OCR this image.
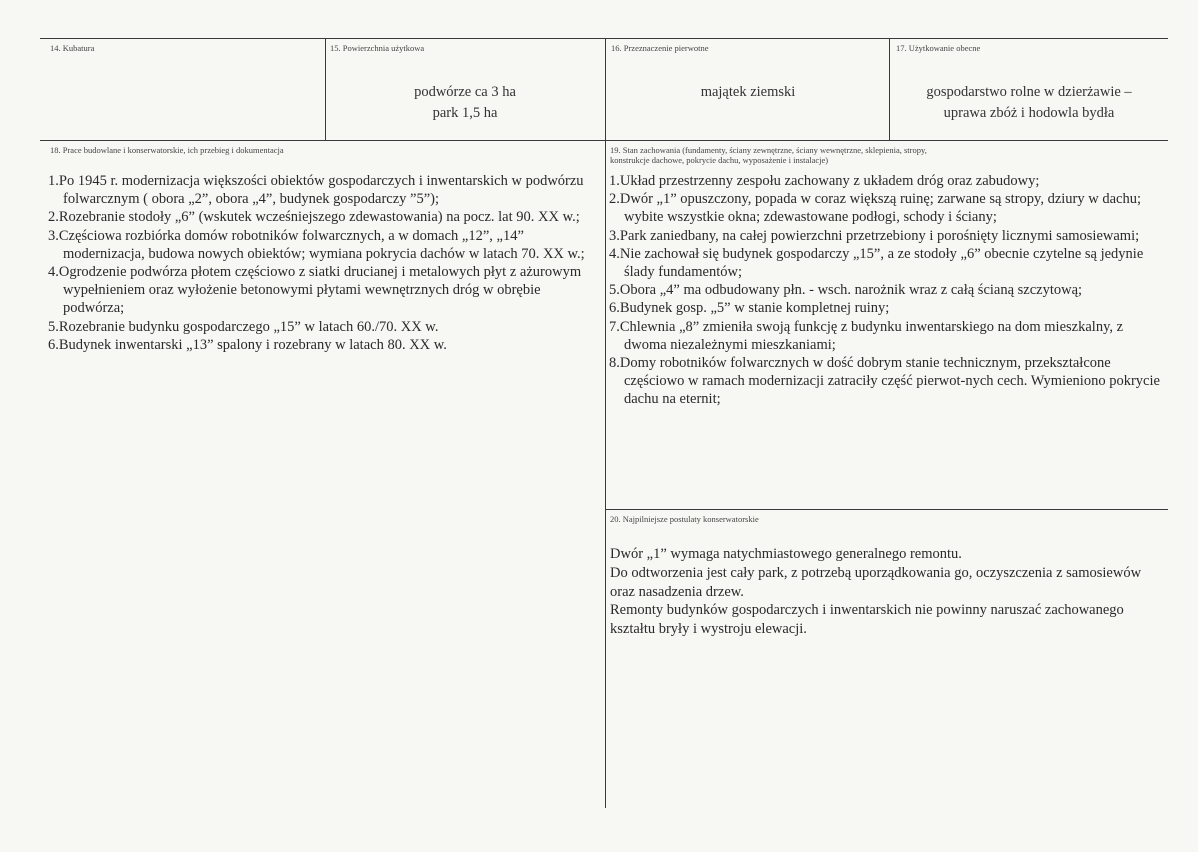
14. Kubatura	15. Powierzchnia użytkowa
podwórze ca 3 ha
park 1,5 ha
16. Przeznaczenie pierwotne
majątek ziemski
17. Użytkowanie obecne
gospodarstwo rolne w dzierżawie –
uprawa zbóż i hodowla bydła
18. Prace budowlane i konserwatorskie, ich przebieg i dokumentacja
1.Po 1945 r. modernizacja większości obiektów gospodarczych i inwentarskich w podwórzu folwarcznym ( obora „2”, obora „4”, budynek gospodarczy ”5”);
2.Rozebranie stodoły „6” (wskutek wcześniejszego zdewastowania) na pocz. lat 90. XX w.;
3.Częściowa rozbiórka domów robotników folwarcznych, a w domach „12”, „14” modernizacja, budowa nowych obiektów; wymiana pokrycia dachów w latach 70. XX w.;
4.Ogrodzenie podwórza płotem częściowo z siatki drucianej i metalowych płyt z ażurowym wypełnieniem oraz wyłożenie betonowymi płytami wewnętrznych dróg w obrębie podwórza;
5.Rozebranie budynku gospodarczego „15” w latach 60./70. XX w.
6.Budynek inwentarski „13” spalony i rozebrany w latach 80. XX w.
19. Stan zachowania (fundamenty, ściany zewnętrzne, ściany wewnętrzne, sklepienia, stropy,
konstrukcje dachowe, pokrycie dachu, wyposażenie i instalacje)
1.Układ przestrzenny zespołu zachowany z układem dróg oraz zabudowy;
2.Dwór „1” opuszczony, popada w coraz większą ruinę; zarwane są stropy, dziury w dachu; wybite wszystkie okna; zdewastowane podłogi, schody i ściany;
3.Park zaniedbany, na całej powierzchni przetrzebiony i porośnięty licznymi samosiewami;
4.Nie zachował się budynek gospodarczy „15”, a ze stodoły „6” obecnie czytelne są jedynie ślady fundamentów;
5.Obora „4” ma odbudowany płn. - wsch. narożnik wraz z całą ścianą szczytową;
6.Budynek gosp. „5” w stanie kompletnej ruiny;
7.Chlewnia „8” zmieniła swoją funkcję z budynku inwentarskiego na dom mieszkalny, z dwoma niezależnymi mieszkaniami;
8.Domy robotników folwarcznych w dość dobrym stanie technicznym, przekształcone częściowo w ramach modernizacji zatraciły część pierwot-nych cech. Wymieniono pokrycie dachu na eternit;
20. Najpilniejsze postulaty konserwatorskie
Dwór „1” wymaga natychmiastowego generalnego remontu.
Do odtworzenia jest cały park, z potrzebą uporządkowania go, oczyszczenia z samosiewów oraz nasadzenia drzew.
Remonty budynków gospodarczych i inwentarskich nie powinny naruszać zachowanego kształtu bryły i wystroju elewacji.
